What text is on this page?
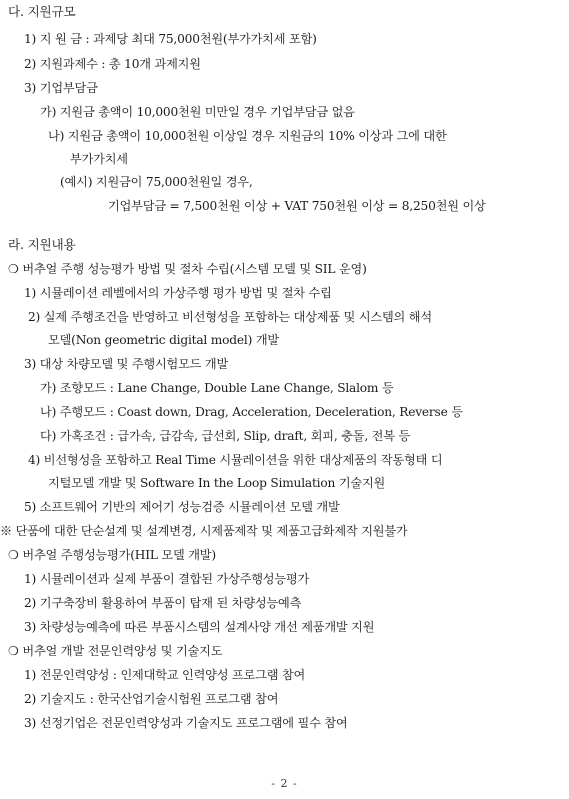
다. 지원규모
1) 지 원 금 : 과제당 최대 75,000천원(부가가치세 포함)
2) 지원과제수 : 총 10개 과제지원
3) 기업부담금
가) 지원금 총액이 10,000천원 미만일 경우 기업부담금 없음
나) 지원금 총액이 10,000천원 이상일 경우 지원금의 10% 이상과 그에 대한
부가가치세
(예시) 지원금이 75,000천원일 경우,
기업부담금 = 7,500천원 이상 + VAT 750천원 이상 = 8,250천원 이상
라. 지원내용
❍ 버추얼 주행 성능평가 방법 및 절차 수립(시스템 모델 및 SIL 운영)
1) 시뮬레이션 레벨에서의 가상주행 평가 방법 및 절차 수립
2) 실제 주행조건을 반영하고 비선형성을 포함하는 대상제품 및 시스템의 해석
모델(Non geometric digital model) 개발
3) 대상 차량모델 및 주행시험모드 개발
가) 조향모드 : Lane Change, Double Lane Change, Slalom 등
나) 주행모드 : Coast down, Drag, Acceleration, Deceleration, Reverse 등
다) 가혹조건 : 급가속, 급감속, 급선회, Slip, draft, 회피, 충돌, 전복 등
4) 비선형성을 포함하고 Real Time 시뮬레이션을 위한 대상제품의 작동형태 디
지털모델 개발 및 Software In the Loop Simulation 기술지원
5) 소프트웨어 기반의 제어기 성능검증 시뮬레이션 모델 개발
※ 단품에 대한 단순설계 및 설계변경, 시제품제작 및 제품고급화제작 지원불가
❍ 버추얼 주행성능평가(HIL 모델 개발)
1) 시뮬레이션과 실제 부품이 결합된 가상주행성능평가
2) 기구축장비 활용하여 부품이 탑재 된 차량성능예측
3) 차량성능예측에 따른 부품시스템의 설계사양 개선 제품개발 지원
❍ 버추얼 개발 전문인력양성 및 기술지도
1) 전문인력양성 : 인제대학교 인력양성 프로그램 참여
2) 기술지도 : 한국산업기술시험원 프로그램 참여
3) 선정기업은 전문인력양성과 기술지도 프로그램에 필수 참여
- 2 -
